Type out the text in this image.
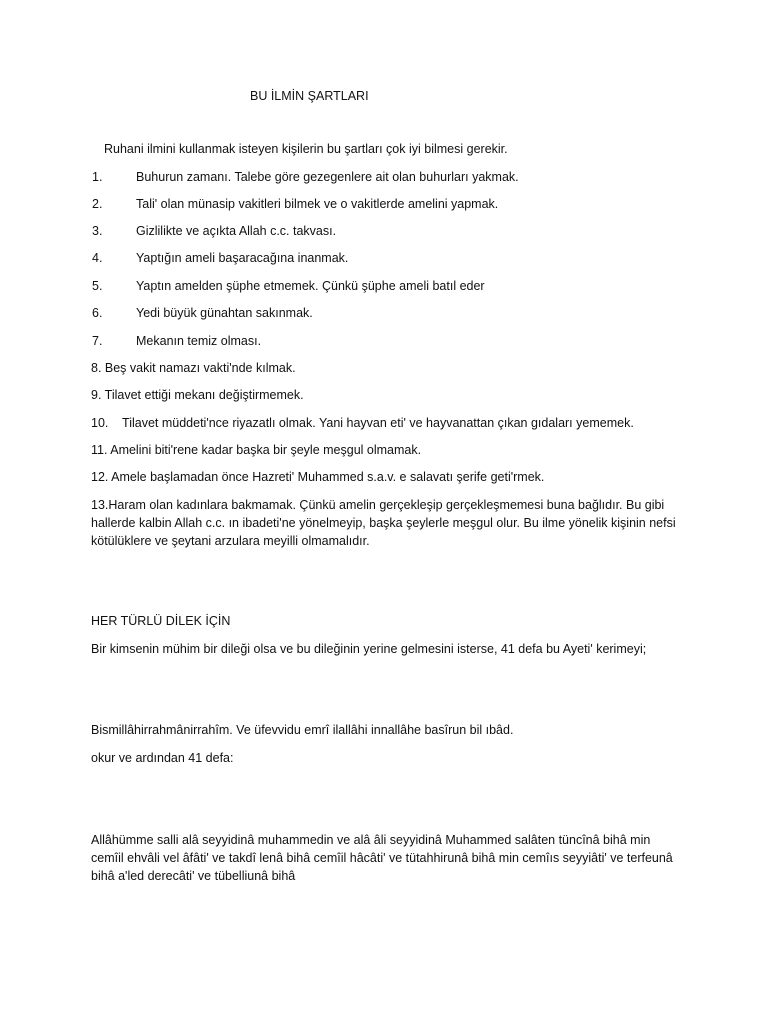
BU İLMİN ŞARTLARI
Ruhani ilmini kullanmak isteyen kişilerin bu şartları çok iyi bilmesi gerekir.
1.	Buhurun zamanı. Talebe göre gezegenlere ait olan buhurları yakmak.
2.	Tali' olan münasip vakitleri bilmek ve o vakitlerde amelini yapmak.
3.	Gizlilikte ve açıkta Allah c.c. takvası.
4.	Yaptığın ameli başaracağına inanmak.
5.	Yaptın amelden şüphe etmemek. Çünkü şüphe ameli batıl eder
6.	Yedi büyük günahtan sakınmak.
7.	Mekanın temiz olması.
8. Beş vakit namazı vakti'nde kılmak.
9. Tilavet ettiği mekanı değiştirmemek.
10.    Tilavet müddeti'nce riyazatlı olmak. Yani hayvan eti' ve hayvanattan çıkan gıdaları yememek.
11. Amelini biti'rene kadar başka bir şeyle meşgul olmamak.
12. Amele başlamadan önce Hazreti' Muhammed s.a.v. e salavatı şerife geti'rmek.
13.Haram olan kadınlara bakmamak. Çünkü amelin gerçekleşip gerçekleşmemesi buna bağlıdır. Bu gibi hallerde kalbin Allah c.c. ın ibadeti'ne yönelmeyip, başka şeylerle meşgul olur. Bu ilme yönelik kişinin nefsi kötülüklere ve şeytani arzulara meyilli olmamalıdır.
HER TÜRLÜ DİLEK İÇİN
Bir kimsenin mühim bir dileği olsa ve bu dileğinin yerine gelmesini isterse, 41 defa bu Ayeti' kerimeyi;
Bismillâhirrahmânirrahîm. Ve üfevvidu emrî ilallâhi innallâhe basîrun bil ıbâd.
okur ve ardından 41 defa:
Allâhümme salli alâ seyyidinâ muhammedin ve alâ âli seyyidinâ Muhammed salâten tüncînâ bihâ min cemîil ehvâli vel âfâti' ve takdî lenâ bihâ cemîil hâcâti' ve tütahhirunâ bihâ min cemîıs seyyiâti' ve terfeunâ bihâ a'led derecâti' ve tübelliunâ bihâ
